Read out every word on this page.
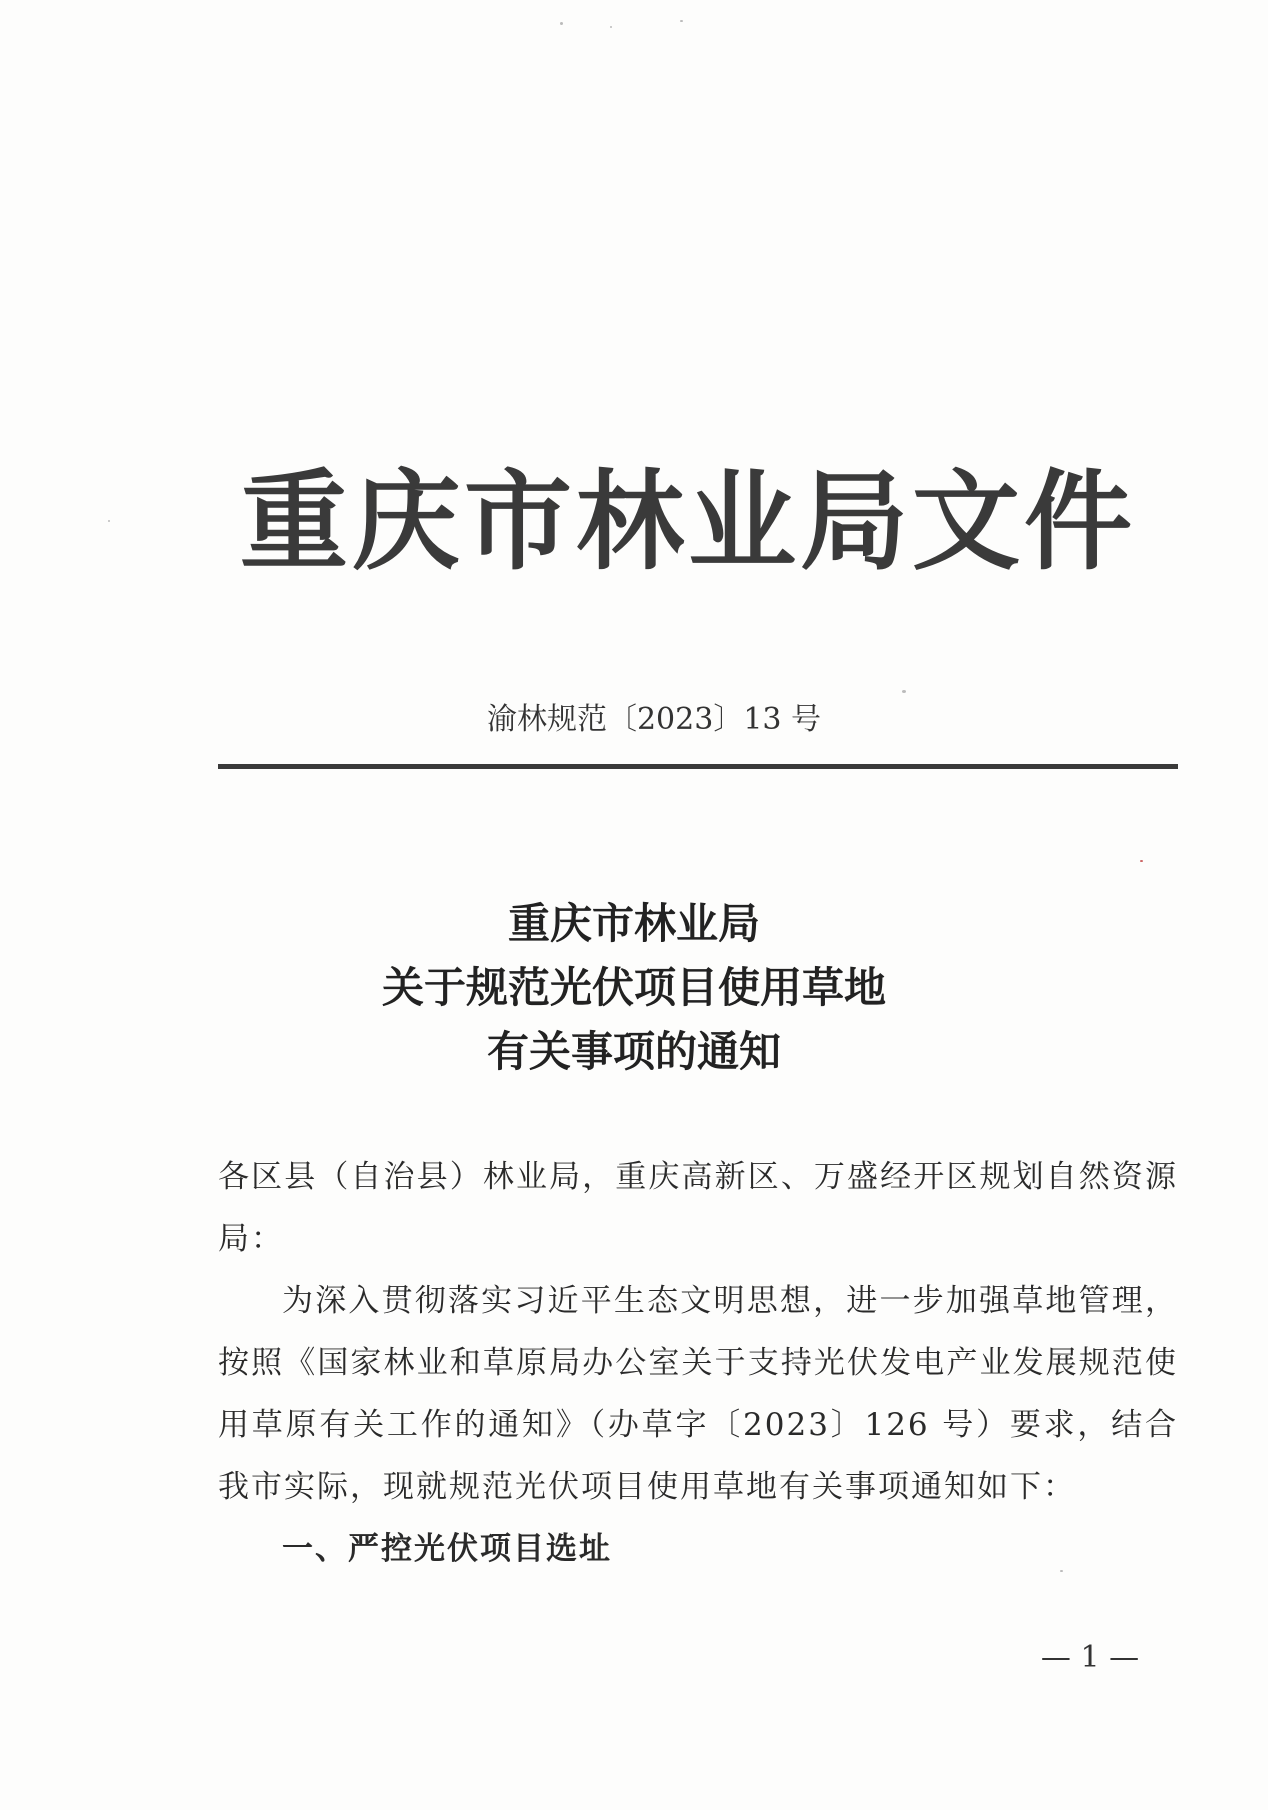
重庆市林业局文件
渝林规范〔2023〕13 号
重庆市林业局
关于规范光伏项目使用草地
有关事项的通知

各区县（自治县）林业局，重庆高新区、万盛经开区规划自然资源局：

为深入贯彻落实习近平生态文明思想，进一步加强草地管理，按照《国家林业和草原局办公室关于支持光伏发电产业发展规范使用草原有关工作的通知》（办草字〔2023〕126 号）要求，结合我市实际，现就规范光伏项目使用草地有关事项通知如下：

一、严控光伏项目选址

— 1 —
